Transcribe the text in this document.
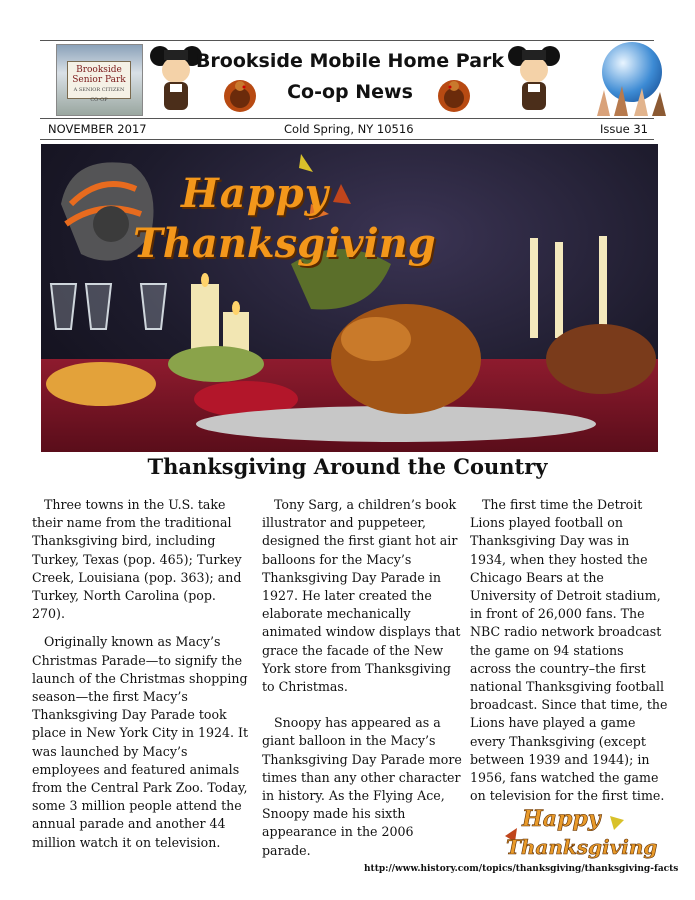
Brookside Senior Park
A SENIOR CITIZEN CO-OP
Brookside Mobile Home Park
Co-op News
NOVEMBER 2017	Cold Spring, NY 10516	Issue 31
Happy
Thanksgiving
Thanksgiving Around the Country

Three towns in the U.S. take their name from the traditional Thanksgiving bird, including Turkey, Texas (pop. 465); Turkey Creek, Louisiana (pop. 363); and Turkey, North Carolina (pop. 270).

Originally known as Macy’s Christmas Parade—to signify the launch of the Christmas shopping season—the first Macy’s Thanksgiving Day Parade took place in New York City in 1924. It was launched by Macy’s employees and featured animals from the Central Park Zoo. Today, some 3 million people attend the annual parade and another 44 million watch it on television.

Tony Sarg, a children’s book illustrator and puppeteer, designed the first giant hot air balloons for the Macy’s Thanksgiving Day Parade in 1927. He later created the elaborate mechanically animated window displays that grace the facade of the New York store from Thanksgiving to Christmas.

Snoopy has appeared as a giant balloon in the Macy’s Thanksgiving Day Parade more times than any other character in history. As the Flying Ace, Snoopy made his sixth appearance in the 2006 parade.

The first time the Detroit Lions played football on Thanksgiving Day was in 1934, when they hosted the Chicago Bears at the University of Detroit stadium, in front of 26,000 fans. The NBC radio network broadcast the game on 94 stations across the country–the first national Thanksgiving football broadcast. Since that time, the Lions have played a game every Thanksgiving (except between 1939 and 1944); in 1956, fans watched the game on television for the first time.

Happy
Thanksgiving
http://www.history.com/topics/thanksgiving/thanksgiving-facts
